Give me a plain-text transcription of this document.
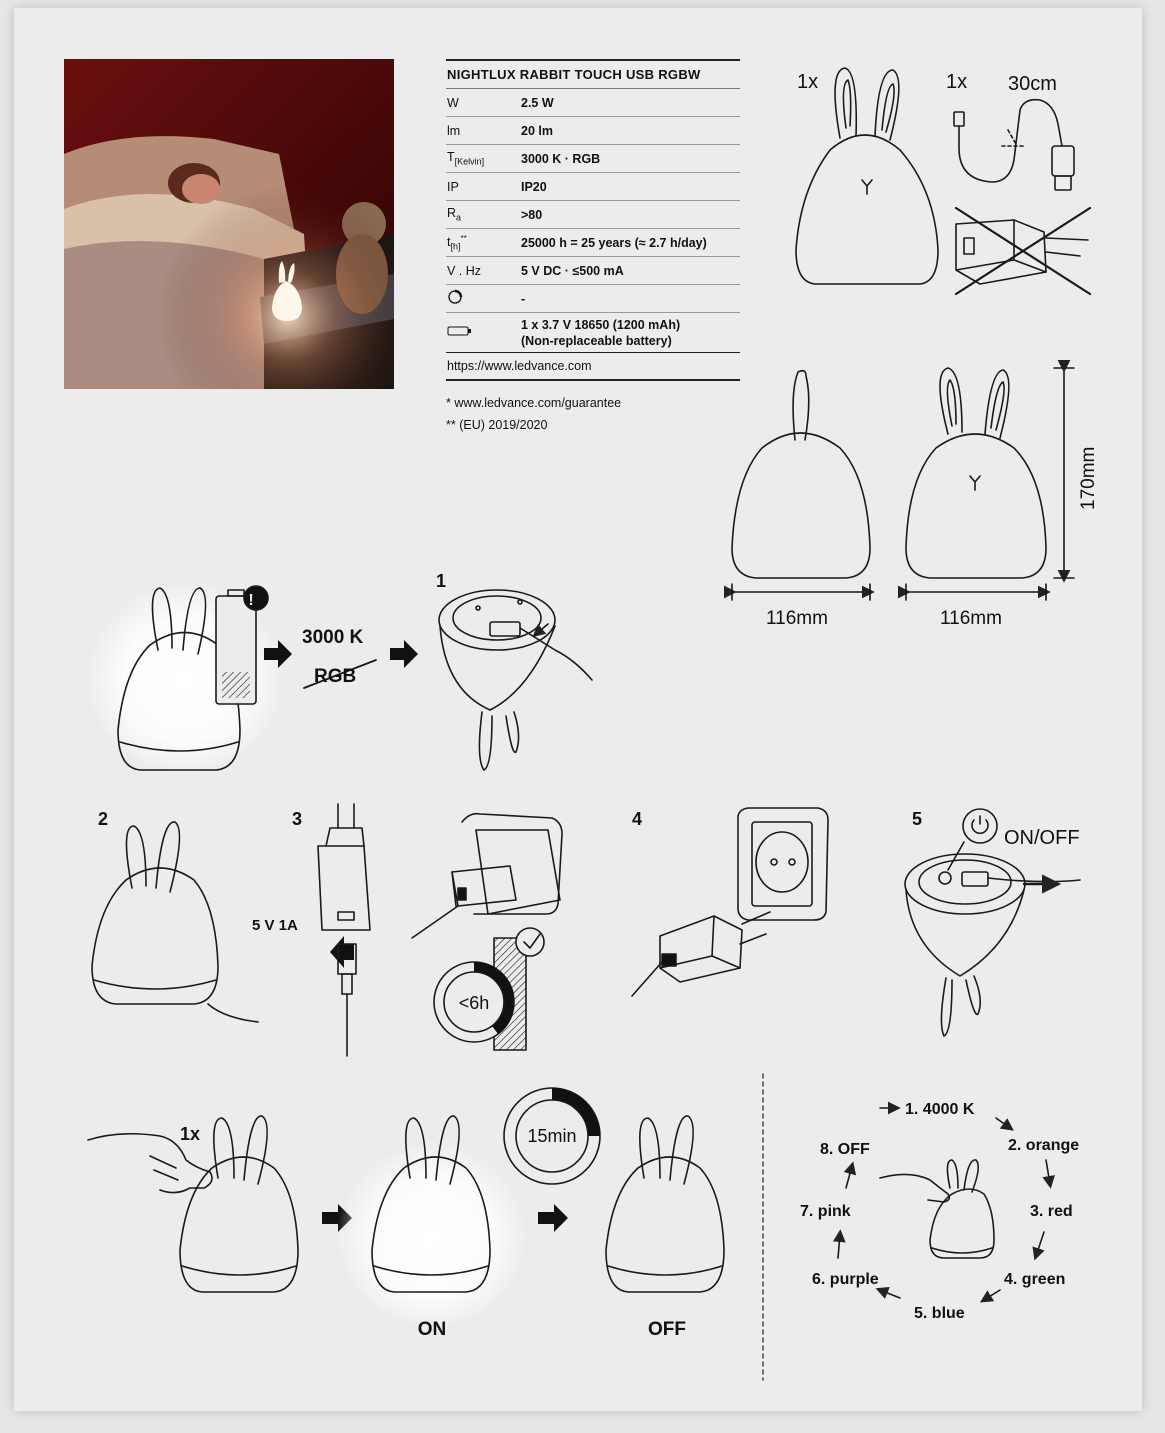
NIGHTLUX RABBIT TOUCH USB RGBW
W	2.5 W
lm	20 lm
$T_{[Kelvin]}$	3000 K · RGB
IP	IP20
$R_a$	>80
$t_{[h]}^{**}$	25000 h = 25 years (≈ 2.7 h/day)
V . Hz	5 V DC · ≤500 mA
-
1 x 3.7 V 18650 (1200 mAh)
(Non-replaceable battery)
https://www.ledvance.com
* www.ledvance.com/guarantee
** (EU) 2019/2020
1x	1x 30cm
116mm	116mm
170mm
!
3000 K
RGB
1
2	3	4	5
5 V 1A
<6h
ON/OFF
1x	15min
ON	OFF
1. 4000 K
2. orange
3. red
4. green
5. blue
6. purple
7. pink
8. OFF
